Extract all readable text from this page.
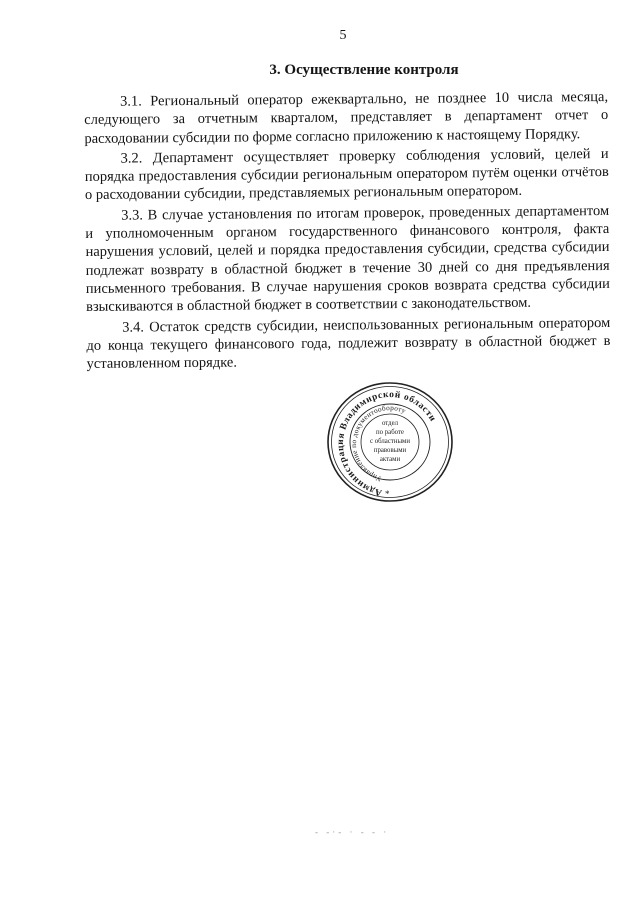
5
3. Осуществление контроля

3.1. Региональный оператор ежеквартально, не позднее 10 числа месяца, следующего за отчетным кварталом, представляет в департамент отчет о расходовании субсидии по форме согласно приложению к настоящему Порядку.

3.2. Департамент осуществляет проверку соблюдения условий, целей и порядка предоставления субсидии региональным оператором путём оценки отчётов о расходовании субсидии, представляемых региональным оператором.

3.3. В случае установления по итогам проверок, проведенных департаментом и уполномоченным органом государственного финансового контроля, факта нарушения условий, целей и порядка предоставления субсидии, средства субсидии подлежат возврату в областной бюджет в течение 30 дней со дня предъявления письменного требования. В случае нарушения сроков возврата средства субсидии взыскиваются в областной бюджет в соответствии с законодательством.

3.4. Остаток средств субсидии, неиспользованных региональным оператором до конца текущего финансового года, подлежит возврату в областной бюджет в установленном порядке.

Администрация Владимирской области
Управление по документообороту
отдел
по работе
с областными
правовыми
актами
*
- -·- · - - ·
